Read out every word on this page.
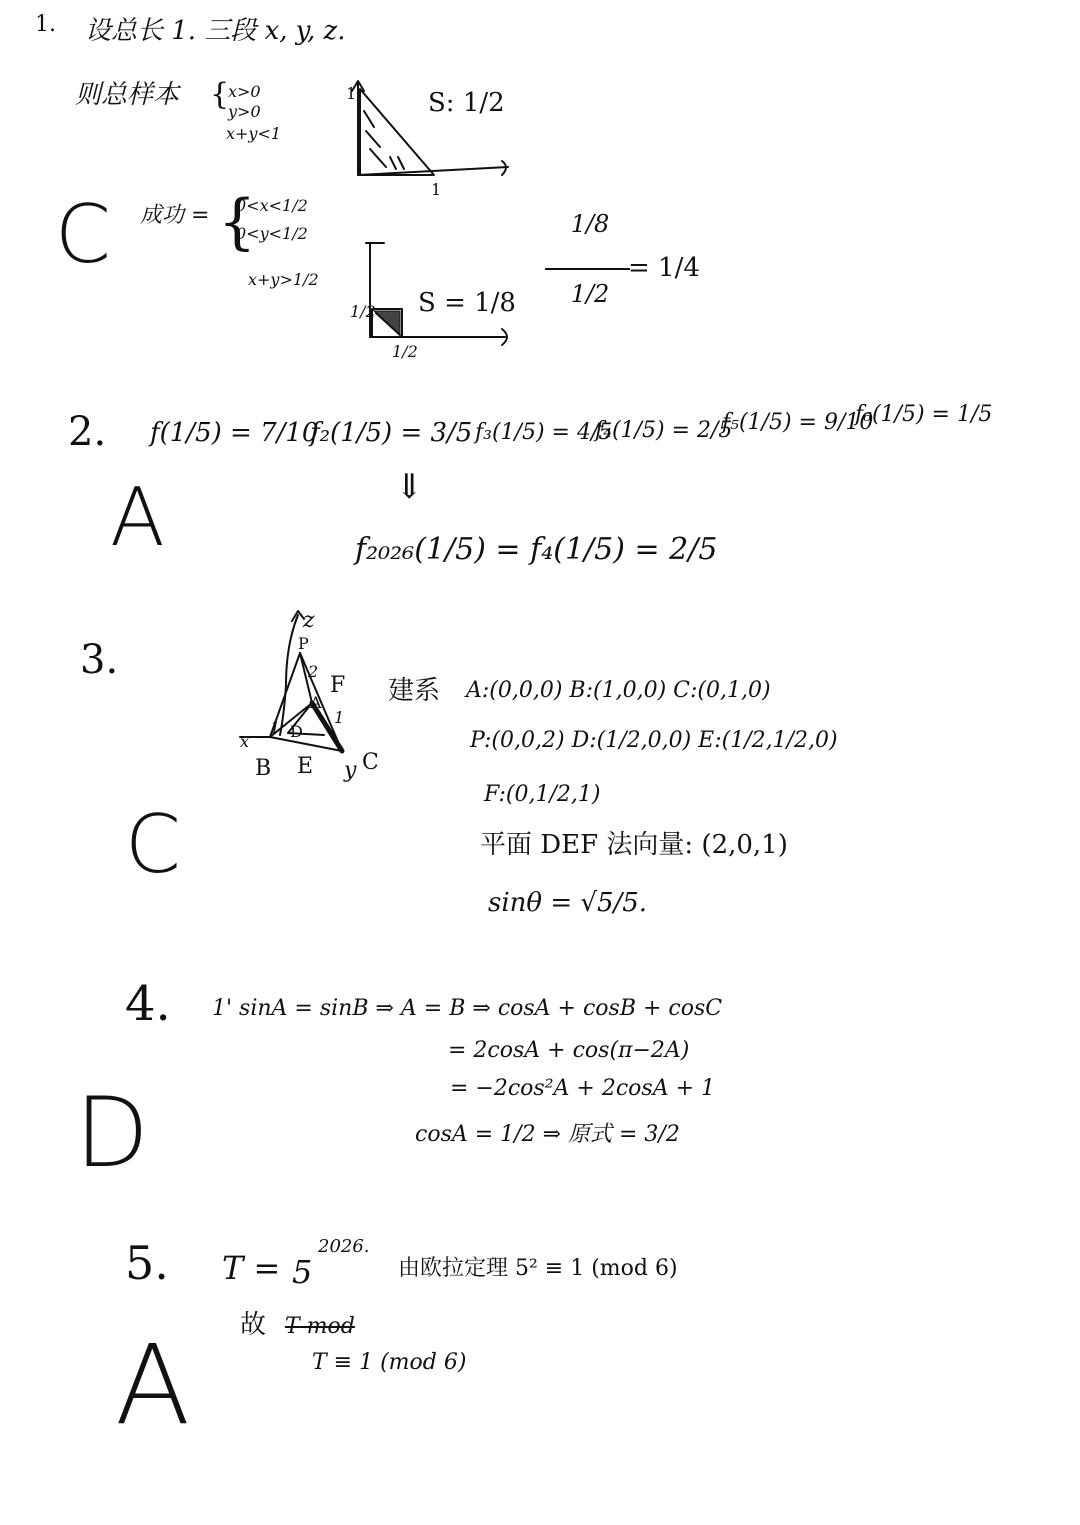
1. 设总长 1. 三段 x, y, z.
则总样本 {
x>0
y>0
x+y<1
1
1
S: 1/2
C 成功 = {
0<x<1/2
0<y<1/2
x+y>1/2
1/2
1/2
S = 1/8
1/8
1/2
= 1/4
2. f(1/5) = 7/10
f₂(1/5) = 3/5 f₃(1/5) = 4/5
f₄(1/5) = 2/5
f₅(1/5) = 9/10
f₆(1/5) = 1/5
A	⇓
f₂₀₂₆(1/5) = f₄(1/5) = 2/5
3.
z
P
2
F
A
1
1 D
x
B E y C
建系 A:(0,0,0) B:(1,0,0) C:(0,1,0)
P:(0,0,2) D:(1/2,0,0) E:(1/2,1/2,0)
F:(0,1/2,1)
平面 DEF 法向量: (2,0,1)
sinθ = √5/5.
C
4. 1' sinA = sinB ⇒ A = B ⇒ cosA + cosB + cosC
= 2cosA + cos(π−2A)
= −2cos²A + 2cosA + 1
cosA = 1/2 ⇒ 原式 = 3/2
D
5. T = 5
2026.
由欧拉定理 5² ≡ 1 (mod 6)
故 T mod
T ≡ 1 (mod 6)
A
